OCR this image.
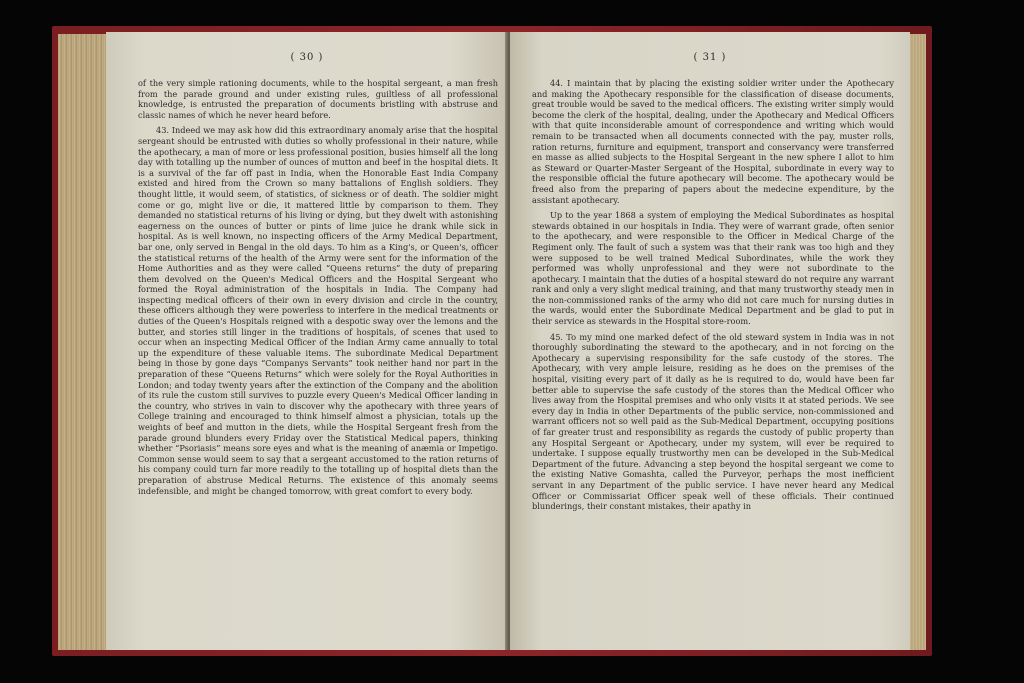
( 30 )

of the very simple rationing documents, while to the hospital sergeant, a man fresh from the parade ground and under existing rules, guiltless of all professional knowledge, is entrusted the preparation of documents bristling with abstruse and classic names of which he never heard before.

43. Indeed we may ask how did this extraordinary anomaly arise that the hospital sergeant should be entrusted with duties so wholly professional in their nature, while the apothecary, a man of more or less professional position, busies himself all the long day with totalling up the number of ounces of mutton and beef in the hospital diets. It is a survival of the far off past in India, when the Honorable East India Company existed and hired from the Crown so many battalions of English soldiers. They thought little, it would seem, of statistics, of sickness or of death. The soldier might come or go, might live or die, it mattered little by comparison to them. They demanded no statistical returns of his living or dying, but they dwelt with astonishing eagerness on the ounces of butter or pints of lime juice he drank while sick in hospital. As is well known, no inspecting officers of the Army Medical Department, bar one, only served in Bengal in the old days. To him as a King's, or Queen's, officer the statistical returns of the health of the Army were sent for the information of the Home Authorities and as they were called “Queens returns” the duty of preparing them devolved on the Queen's Medical Officers and the Hospital Sergeant who formed the Royal administration of the hospitals in India. The Company had inspecting medical officers of their own in every division and circle in the country, these officers although they were powerless to interfere in the medical treatments or duties of the Queen's Hospitals reigned with a despotic sway over the lemons and the butter, and stories still linger in the traditions of hospitals, of scenes that used to occur when an inspecting Medical Officer of the Indian Army came annually to total up the expenditure of these valuable items. The subordinate Medical Department being in those by gone days “Companys Servants” took neither hand nor part in the preparation of these “Queens Returns” which were solely for the Royal Authorities in London; and today twenty years after the extinction of the Company and the abolition of its rule the custom still survives to puzzle every Queen's Medical Officer landing in the country, who strives in vain to discover why the apothecary with three years of College training and encouraged to think himself almost a physician, totals up the weights of beef and mutton in the diets, while the Hospital Sergeant fresh from the parade ground blunders every Friday over the Statistical Medical papers, thinking whether “Psoriasis” means sore eyes and what is the meaning of anæmia or Impetigo. Common sense would seem to say that a sergeant accustomed to the ration returns of his company could turn far more readily to the totalling up of hospital diets than the preparation of abstruse Medical Returns. The existence of this anomaly seems indefensible, and might be changed tomorrow, with great comfort to every body.

( 31 )

44. I maintain that by placing the existing soldier writer under the Apothecary and making the Apothecary responsible for the classification of disease documents, great trouble would be saved to the medical officers. The existing writer simply would become the clerk of the hospital, dealing, under the Apothecary and Medical Officers with that quite inconsiderable amount of correspondence and writing which would remain to be transacted when all documents connected with the pay, muster rolls, ration returns, furniture and equipment, transport and conservancy were transferred en masse as allied subjects to the Hospital Sergeant in the new sphere I allot to him as Steward or Quarter-Master Sergeant of the Hospital, subordinate in every way to the responsible official the future apothecary will become. The apothecary would be freed also from the preparing of papers about the medecine expenditure, by the assistant apothecary.

Up to the year 1868 a system of employing the Medical Subordinates as hospital stewards obtained in our hospitals in India. They were of warrant grade, often senior to the apothecary, and were responsible to the Officer in Medical Charge of the Regiment only. The fault of such a system was that their rank was too high and they were supposed to be well trained Medical Subordinates, while the work they performed was wholly unprofessional and they were not subordinate to the apothecary. I maintain that the duties of a hospital steward do not require any warrant rank and only a very slight medical training, and that many trustworthy steady men in the non-commissioned ranks of the army who did not care much for nursing duties in the wards, would enter the Subordinate Medical Department and be glad to put in their service as stewards in the Hospital store-room.

45. To my mind one marked defect of the old steward system in India was in not thoroughly subordinating the steward to the apothecary, and in not forcing on the Apothecary a supervising responsibility for the safe custody of the stores. The Apothecary, with very ample leisure, residing as he does on the premises of the hospital, visiting every part of it daily as he is required to do, would have been far better able to supervise the safe custody of the stores than the Medical Officer who lives away from the Hospital premises and who only visits it at stated periods. We see every day in India in other Departments of the public service, non-commissioned and warrant officers not so well paid as the Sub-Medical Department, occupying positions of far greater trust and responsibility as regards the custody of public property than any Hospital Sergeant or Apothecary, under my system, will ever be required to undertake. I suppose equally trustworthy men can be developed in the Sub-Medical Department of the future. Advancing a step beyond the hospital sergeant we come to the existing Native Gomashta, called the Purveyor, perhaps the most inefficient servant in any Department of the public service. I have never heard any Medical Officer or Commissariat Officer speak well of these officials. Their continued blunderings, their constant mistakes, their apathy in
